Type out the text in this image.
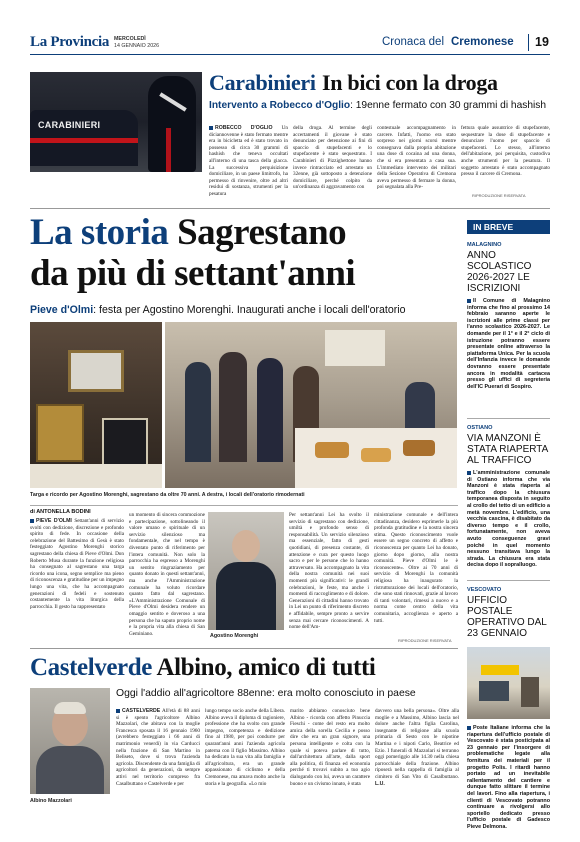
La Provincia MERCOLEDÌ
14 GENNAIO 2026	Cronaca del Cremonese 19
CARABINIERI
Carabinieri In bici con la droga
Intervento a Robecco d'Oglio: 19enne fermato con 30 grammi di hashish
ROBECCO D'OGLIO Un diciannovenne è stato fermato mentre era in bicicletta ed è stato trovato in possesso di circa 30 grammi di hashish che teneva occultati all'interno di una tasca della giacca. La successiva perquisizione domiciliare, in un paese limitrofo, ha permesso di rinvenire, oltre ad altri residui di sostanza, strumenti per la pesatura
della droga. Al termine degli accertamenti il giovane è stato denunciato per detenzione ai fini di spaccio di stupefacenti e lo stupefacente è stato sequestrato. I Carabinieri di Pizzighettone hanno invece rintracciato ed arrestato un 32enne, già sottoposto a detenzione domiciliare, perché colpito da un'ordinanza di aggravamento con
contestuale accompagnamento in carcere. Infatti, l'uomo era stato sorpreso nei giorni scorsi mentre consegnava dalla propria abitazione una dose di cocaina ad una donna, che si era presentata a casa sua. L'immediato intervento dei militari della Sezione Operativa di Cremona aveva permesso di fermare la donna, poi segnalata alla Pre-
fettura quale assuntrice di stupefacente, sequestrare la dose di stupefacente e denunciare l'uomo per spaccio di stupefacenti. Lo stesso, all'interno dell'abitazione, poi perquisita, custodiva anche strumenti per la pesatura. Il soggetto arrestato è stato accompagnato presso il carcere di Cremona.
RIPRODUZIONE RISERVATA
La storia Sagrestano
da più di settant'anni
Pieve d'Olmi: festa per Agostino Morenghi. Inaugurati anche i locali dell'oratorio
Targa e ricordo per Agostino Morenghi, sagrestano da oltre 70 anni. A destra, i locali dell'oratorio rimodernati
di ANTONELLA BODINI
PIEVE D'OLMI Settant'anni di servizio svolti con dedizione, discrezione e profondo spirito di fede. In occasione della celebrazione del Battesimo di Gesù è stato festeggiato Agostino Morenghi storico sagrestano della chiesa di Pieve d'Olmi. Don Roberto Musa durante la funzione religiosa ha consegnato al sagrestano una targa ricordo una icona, segno semplice ma pieno di riconoscenza e gratitudine per un impegno lungo una vita, che ha accompagnato generazioni di fedeli e sostenuto costantemente la vita liturgica della parrocchia. Il gesto ha rappresentato
un momento di sincera commozione e partecipazione, sottolineando il valore umano e spirituale di un servizio silenzioso ma fondamentale, che nel tempo è diventato punto di riferimento per l'intera comunità. Non solo la parrocchia ha espresso a Morenghi un sentito ringraziamento per quanto donato in questi settant'anni, ma anche l'Amministrazione comunale ha voluto ricordare quanto fatto dal sagrestano. «L'Amministrazione Comunale di Pieve d'Olmi desidera rendere un omaggio sentito e doveroso a una persona che ha saputo proprio nome e la propria vita alla chiesa di San Geminiano.	Agostino Morenghi
Per settant'anni Lei ha svolto il servizio di sagrestano con dedizione, umiltà e profondo senso di responsabilità. Un servizio silenzioso ma essenziale, fatto di gesti quotidiani, di presenza costante, di attenzione e cura per questo luogo sacro e per le persone che lo hanno attraversato. Ha accompagnato la vita della nostra comunità nei suoi momenti più significativi: le grandi celebrazioni, le feste, ma anche i momenti di raccoglimento e di dolore. Generazioni di cittadini hanno trovato in Lei un punto di riferimento discreto e affidabile, sempre pronto a servire senza mai cercare riconoscimenti. A nome dell'Am-
ministrazione comunale e dell'intera cittadinanza, desidero esprimerle la più profonda gratitudine e la nostra sincera stima. Questo riconoscimento vuole essere un segno concreto di affetto e riconoscenza per quanto Lei ha donato, giorno dopo giorno, alla nostra comunità. Pieve d'Olmi le è riconoscente». Oltre ai 70 anni di servizio di Morenghi la comunità religiosa ha inaugurato la ristrutturazione dei locali dell'oratorio, che sono stati rinnovati, grazie al lavoro di tanti volontari, rimessi a nuovo e a norma come centro della vita comunitaria, accoglienza e aperto a tutti.
RIPRODUZIONE RISERVATA
IN BREVE
MALAGNINO
ANNO SCOLASTICO 2026-2027 LE ISCRIZIONI

Il Comune di Malagnino informa che fino al prossimo 14 febbraio saranno aperte le iscrizioni alle prime classi per l'anno scolastico 2026-2027. Le domande per il 1° e il 2° ciclo di istruzione potranno essere presentate online attraverso la piattaforma Unica. Per la scuola dell'Infanzia invece le domande dovranno essere presentate ancora in modalità cartacea presso gli uffici di segreteria dell'IC Puerari di Sospiro.

OSTIANO
VIA MANZONI È STATA RIAPERTA AL TRAFFICO

L'amministrazione comunale di Ostiano informa che via Manzoni è stata riaperta al traffico dopo la chiusura temporanea disposta in seguito al crollo del tetto di un edificio a metà novembre. L'edificio, una vecchia cascina, è disabitato da diverso tempo e il crollo, fortunatamente, non aveva avuto conseguenze gravi poiché in quel momento nessuno transitava lungo la strada. La chiusura era stata decisa dopo il sopralluogo.

VESCOVATO
UFFICIO POSTALE OPERATIVO DAL 23 GENNAIO

Poste Italiane informa che la riapertura dell'ufficio postale di Vescovato è stata posticipata al 23 gennaio per l'insorgere di problematiche legate alla fornitura dei materiali per il progetto Polis. I ritardi hanno portato ad un inevitabile rallentamento del cantiere e dunque fatto slittare il termine del lavori. Fino alla riapertura, i clienti di Vescovato potranno continuare a rivolgersi allo sportello dedicato presso l'ufficio postale di Gadesco Pieve Delmona.

Castelverde Albino, amico di tutti
Oggi l'addio all'agricoltore 88enne: era molto conosciuto in paese
Albino Mazzolari
CASTELVERDE All'età di 88 anni si è spento l'agricoltore Albino Mazzolari, che abitava con la moglie Francesca sposata il 16 gennaio 1960 (avrebbero festeggiato i 66 anni di matrimonio venerdì) in via Carducci nella frazione di San Martino in Beliseto, dove si trova l'azienda agricola. Discendente da una famiglia di agricoltori da generazioni, da sempre attivi nel territorio compreso fra Casalbuttano e Castelverde e per
lungo tempo socio anche della Libera. Albino aveva il diploma di ragioniere, professione che ha svolto con grande impegno, competenza e dedizione fino al 1980, per poi condurre per quarant'anni anni l'azienda agricola paterna con il figlio Massimo. Albino ha dedicato la sua vita alla famiglia e all'agricoltura, era un grande appassionato di ciclismo e della Cremonese, ma amava molto anche la storia e la geografia. «Lo mio
marito abbiamo conosciuto bene Albino - ricorda con affetto Pinuccia Fieschi - come del resto era molto amica della sorella Cecilia e posso dire che era un gran signore, una persona intelligente e colta con la quale si poteva parlare di tutto, dall'architettura all'arte, dalla sport alla politica, di finanza ed economia perché ti trovavi subito a tuo agio dialogando con lui, aveva un carattere buono e un civismo innato, è stata
davvero una bella persona». Oltre alla moglie e a Massimo, Albino lascia nel dolore anche l'altra figlia Carolina, insegnante di religione alla scuola primaria di Sesto con le nipotine Martina e i nipoti Carlo, Beatrice ed Ezio. I funerali di Mazzolari si terranno oggi pomeriggio alle 14.30 nella chiesa parrocchiale della frazione. Albino riposerà nella cappella di famiglia al cimitero di San Vito di Casalbuttano. L.U.
